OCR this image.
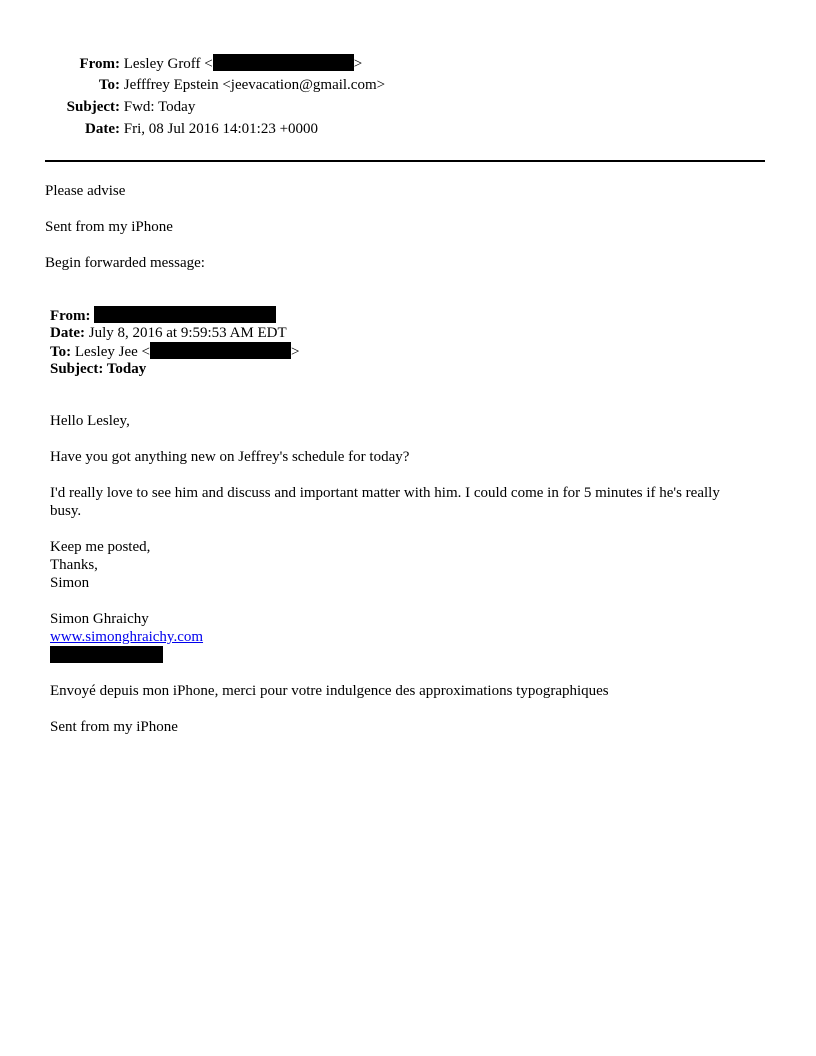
From: Lesley Groff <	>
To: Jefffrey Epstein <jeevacation@gmail.com>
Subject: Fwd: Today
Date: Fri, 08 Jul 2016 14:01:23 +0000
Please advise
Sent from my iPhone
Begin forwarded message:
From:
Date: July 8, 2016 at 9:59:53 AM EDT
To: Lesley Jee <	>
Subject: Today
Hello Lesley,
Have you got anything new on Jeffrey's schedule for today?
I'd really love to see him and discuss and important matter with him. I could come in for 5 minutes if he's really
busy.
Keep me posted,
Thanks,
Simon
Simon Ghraichy
www.simonghraichy.com
Envoyé depuis mon iPhone, merci pour votre indulgence des approximations typographiques
Sent from my iPhone
